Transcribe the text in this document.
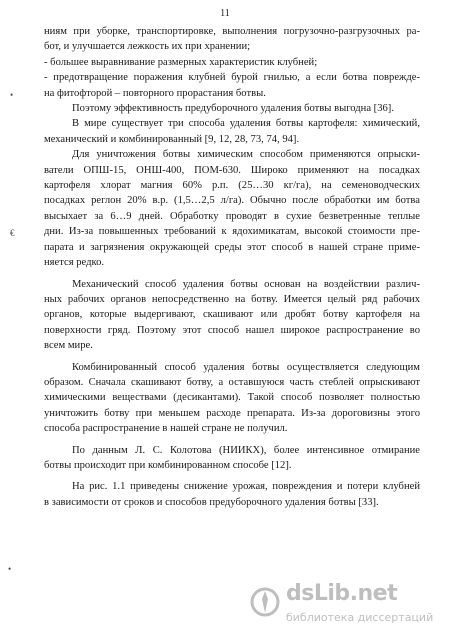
11
•
€
•
ниям при уборке, транспортировке, выполнения погрузочно-разгрузочных ра-
бот, и улучшается лежкость их при хранении;
- большее выравнивание размерных характеристик клубней;
- предотвращение поражения клубней бурой гнилью, а если ботва повреждe-
на фитофторой – повторного прорастания ботвы.
Поэтому эффективность предуборочного удаления ботвы выгодна [36].
В мире существует три способа удаления ботвы картофеля: химический,
механический и комбинированный [9, 12, 28, 73, 74, 94].
Для уничтожения ботвы химическим способом применяются опрыски-
ватели ОПШ-15, ОНШ-400, ПОМ-630. Широко применяют на посадках
картофеля хлорат магния 60% р.п. (25…30 кг/га), на семеноводческих
посадках реглон 20% в.р. (1,5…2,5 л/га). Обычно после обработки им ботва
высыхает за 6…9 дней. Обработку проводят в сухие безветренные теплые
дни. Из-за повышенных требований к ядохимикатам, высокой стоимости пре-
парата и загрязнения окружающей среды этот способ в нашей стране приме-
няется редко.
Механический способ удаления ботвы основан на воздействии различ-
ных рабочих органов непосредственно на ботву. Имеется целый ряд рабочих
органов, которые выдергивают, скашивают или дробят ботву картофеля на
поверхности гряд. Поэтому этот способ нашел широкое распространение во
всем мире.
Комбинированный способ удаления ботвы осуществляется следующим
образом. Сначала скашивают ботву, а оставшуюся часть стеблей опрыскивают
химическими веществами (десикантами). Такой способ позволяет полностью
уничтожить ботву при меньшем расходе препарата. Из-за дороговизны этого
способа распространение в нашей стране не получил.
По данным Л. С. Колотова (НИИКХ), более интенсивное отмирание
ботвы происходит при комбинированном способе [12].
На рис. 1.1 приведены снижение урожая, повреждения и потери клубней
в зависимости от сроков и способов предуборочного удаления ботвы [33].
dsLib.net
библиотека диссертаций
